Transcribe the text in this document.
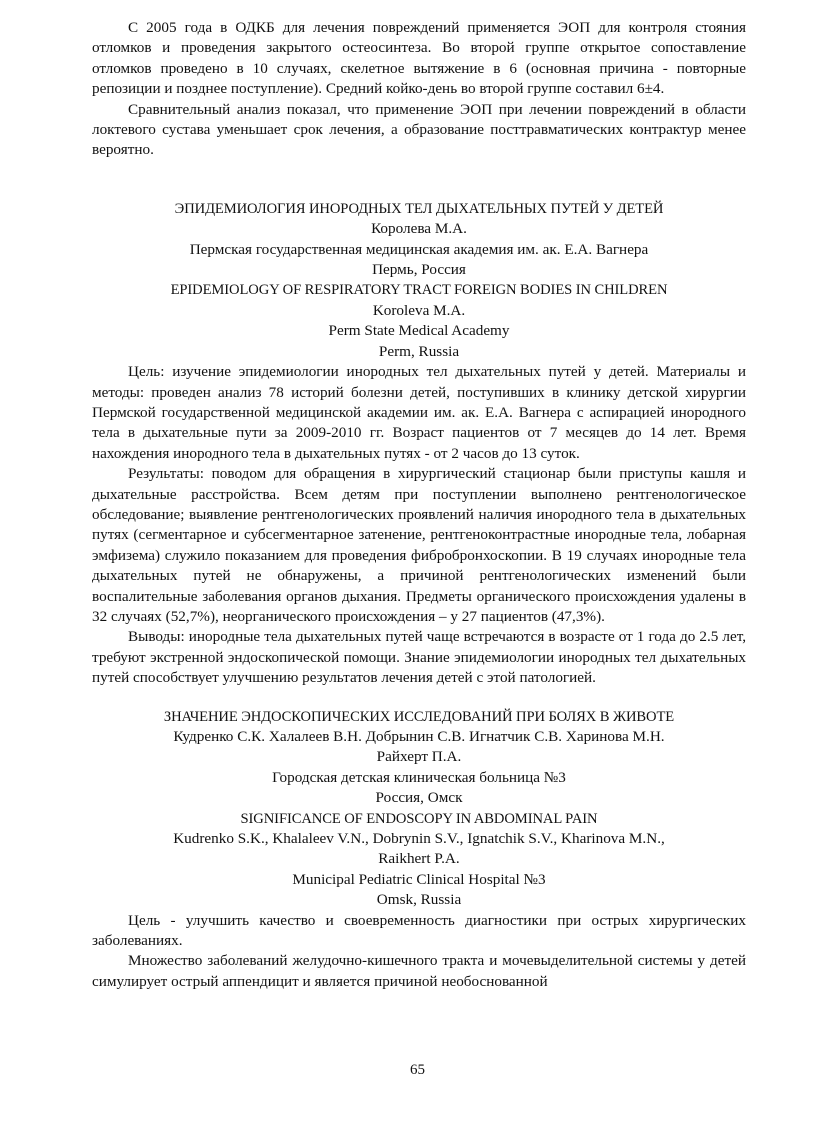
С 2005 года в ОДКБ для лечения повреждений применяется ЭОП для контроля стояния отломков и проведения закрытого остеосинтеза. Во второй группе открытое сопоставление отломков проведено в 10 случаях, скелетное вытяжение в 6 (основная причина - повторные репозиции и позднее поступление). Средний койко-день во второй группе составил 6±4.

Сравнительный анализ показал, что применение ЭОП при лечении повреждений в области локтевого сустава уменьшает срок лечения, а образование посттравматических контрактур менее вероятно.

ЭПИДЕМИОЛОГИЯ ИНОРОДНЫХ ТЕЛ ДЫХАТЕЛЬНЫХ ПУТЕЙ У ДЕТЕЙ
Королева М.А.
Пермская государственная медицинская академия им. ак. Е.А. Вагнера
Пермь, Россия
EPIDEMIOLOGY OF RESPIRATORY TRACT FOREIGN BODIES IN CHILDREN
Koroleva M.A.
Perm State Medical Academy
Perm, Russia

Цель: изучение эпидемиологии инородных тел дыхательных путей у детей. Материалы и методы: проведен анализ 78 историй болезни детей, поступивших в клинику детской хирургии Пермской государственной медицинской академии им. ак. Е.А. Вагнера с аспирацией инородного тела в дыхательные пути за 2009-2010 гг. Возраст пациентов от 7 месяцев до 14 лет. Время нахождения инородного тела в дыхательных путях - от 2 часов до 13 суток.

Результаты: поводом для обращения в хирургический стационар были приступы кашля и дыхательные расстройства. Всем детям при поступлении выполнено рентгенологическое обследование; выявление рентгенологических проявлений наличия инородного тела в дыхательных путях (сегментарное и субсегментарное затенение, рентгеноконтрастные инородные тела, лобарная эмфизема) служило показанием для проведения фибробронхоскопии. В 19 случаях инородные тела дыхательных путей не обнаружены, а причиной рентгенологических изменений были воспалительные заболевания органов дыхания. Предметы органического происхождения удалены в 32 случаях (52,7%), неорганического происхождения – у 27 пациентов (47,3%).

Выводы: инородные тела дыхательных путей чаще встречаются в возрасте от 1 года до 2.5 лет, требуют экстренной эндоскопической помощи. Знание эпидемиологии инородных тел дыхательных путей способствует улучшению результатов лечения детей с этой патологией.

ЗНАЧЕНИЕ ЭНДОСКОПИЧЕСКИХ ИССЛЕДОВАНИЙ ПРИ БОЛЯХ В ЖИВОТЕ
Кудренко С.К. Халалеев В.Н. Добрынин С.В. Игнатчик С.В. Харинова М.Н.
Райхерт П.А.
Городская детская клиническая больница №3
Россия, Омск
SIGNIFICANCE OF ENDOSCOPY IN ABDOMINAL PAIN
Kudrenko S.K., Khalaleev V.N., Dobrynin S.V., Ignatchik S.V., Kharinova M.N.,
Raikhert P.A.
Municipal Pediatric Clinical Hospital №3
Omsk, Russia

Цель - улучшить качество и своевременность диагностики при острых хирургических заболеваниях.

Множество заболеваний желудочно-кишечного тракта и мочевыделительной системы у детей симулирует острый аппендицит и является причиной необоснованной

65
